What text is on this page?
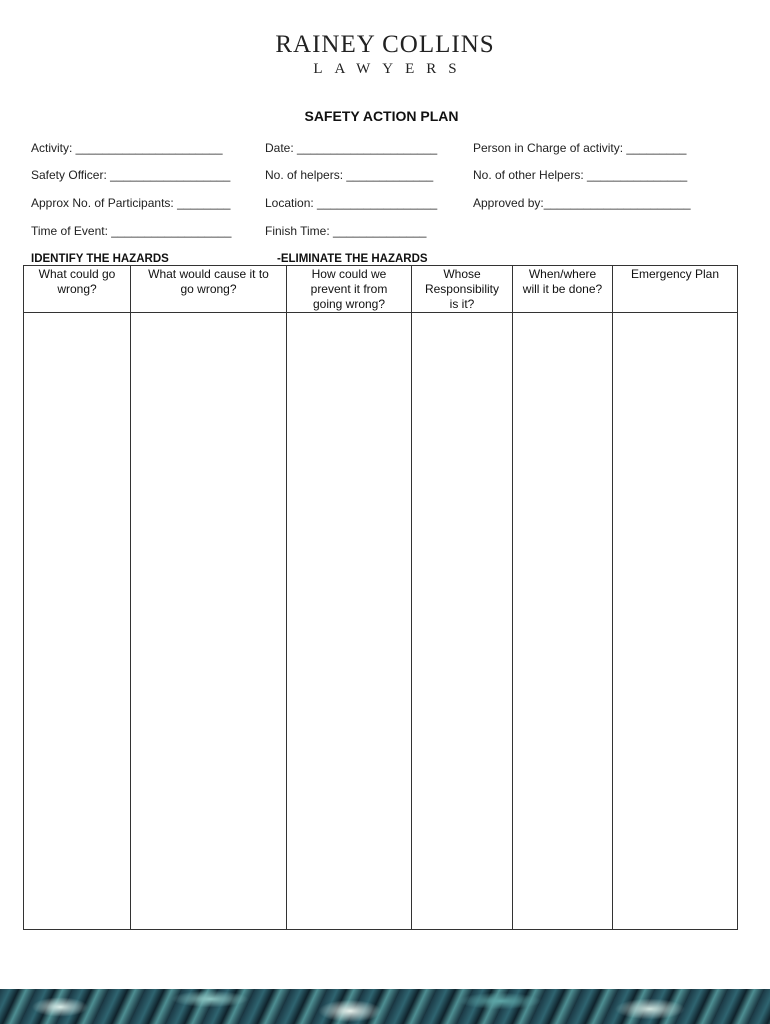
RAINEY COLLINS
LAWYERS
SAFETY ACTION PLAN
Activity: ______________________	Date: _____________________	Person in Charge of activity: _________
Safety Officer: __________________	No. of helpers: _____________	No. of other Helpers: _______________
Approx No. of Participants: ________	Location: __________________	Approved by:______________________
Time of Event: __________________	Finish Time: ______________
IDENTIFY THE HAZARDS	-ELIMINATE THE HAZARDS
What could go
wrong?	What would cause it to
go wrong?	How could we
prevent it from
going wrong?	Whose
Responsibility
is it?	When/where
will it be done?	Emergency Plan
